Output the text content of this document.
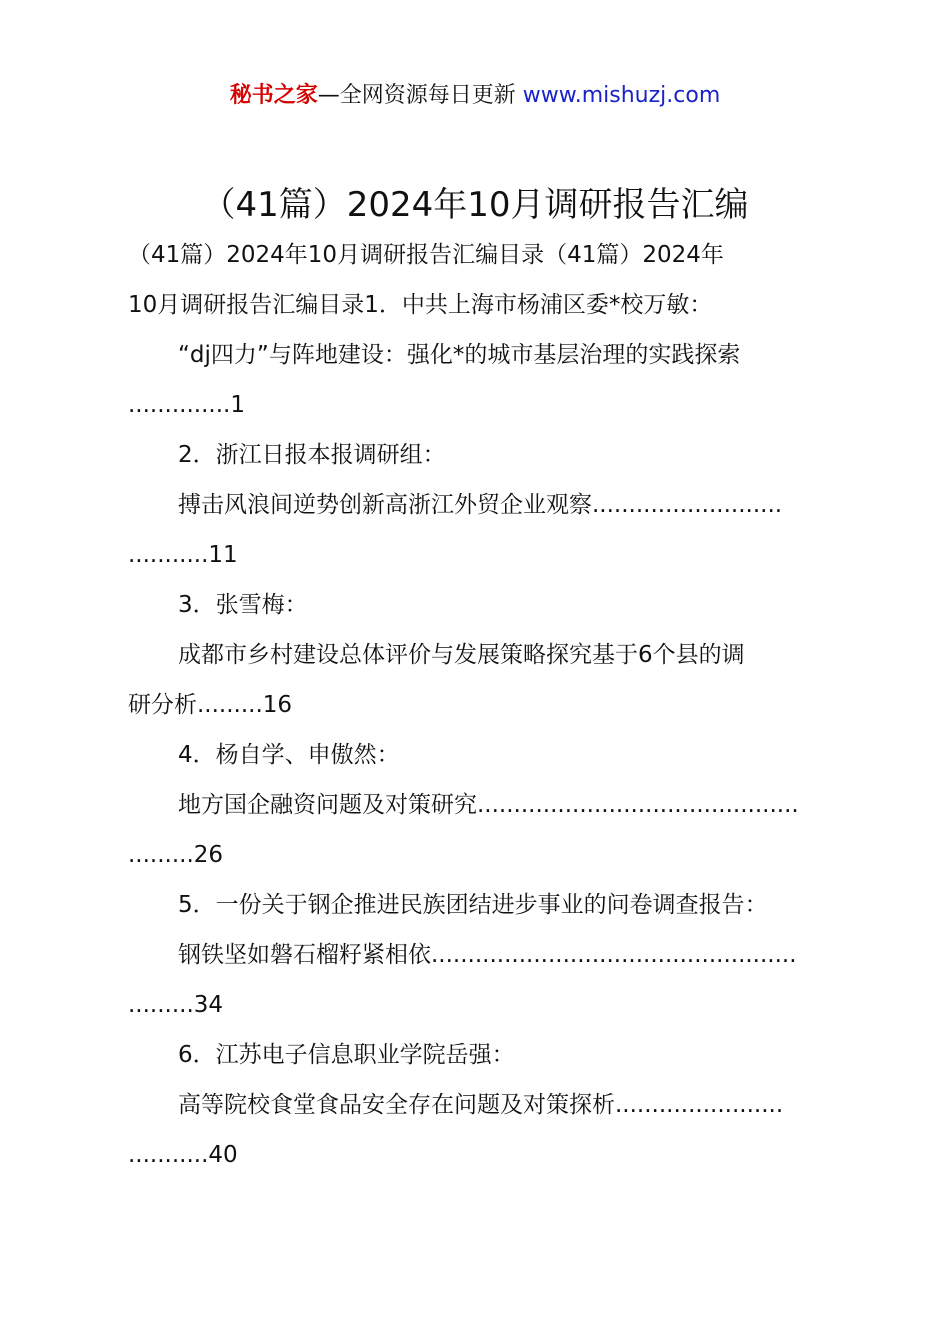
秘书之家—全网资源每日更新 www.mishuzj.com
（41篇）2024年10月调研报告汇编
（41篇）2024年10月调研报告汇编目录（41篇）2024年
10月调研报告汇编目录1．中共上海市杨浦区委*校万敏：
“dj四力”与阵地建设：强化*的城市基层治理的实践探索
..............1
2．浙江日报本报调研组：
搏击风浪间逆势创新高浙江外贸企业观察..........................
...........11
3．张雪梅：
成都市乡村建设总体评价与发展策略探究基于6个县的调
研分析.........16
4．杨自学、申傲然：
地方国企融资问题及对策研究............................................
.........26
5．一份关于钢企推进民族团结进步事业的问卷调查报告：
钢铁坚如磐石榴籽紧相依..................................................
.........34
6．江苏电子信息职业学院岳强：
高等院校食堂食品安全存在问题及对策探析.......................
...........40
